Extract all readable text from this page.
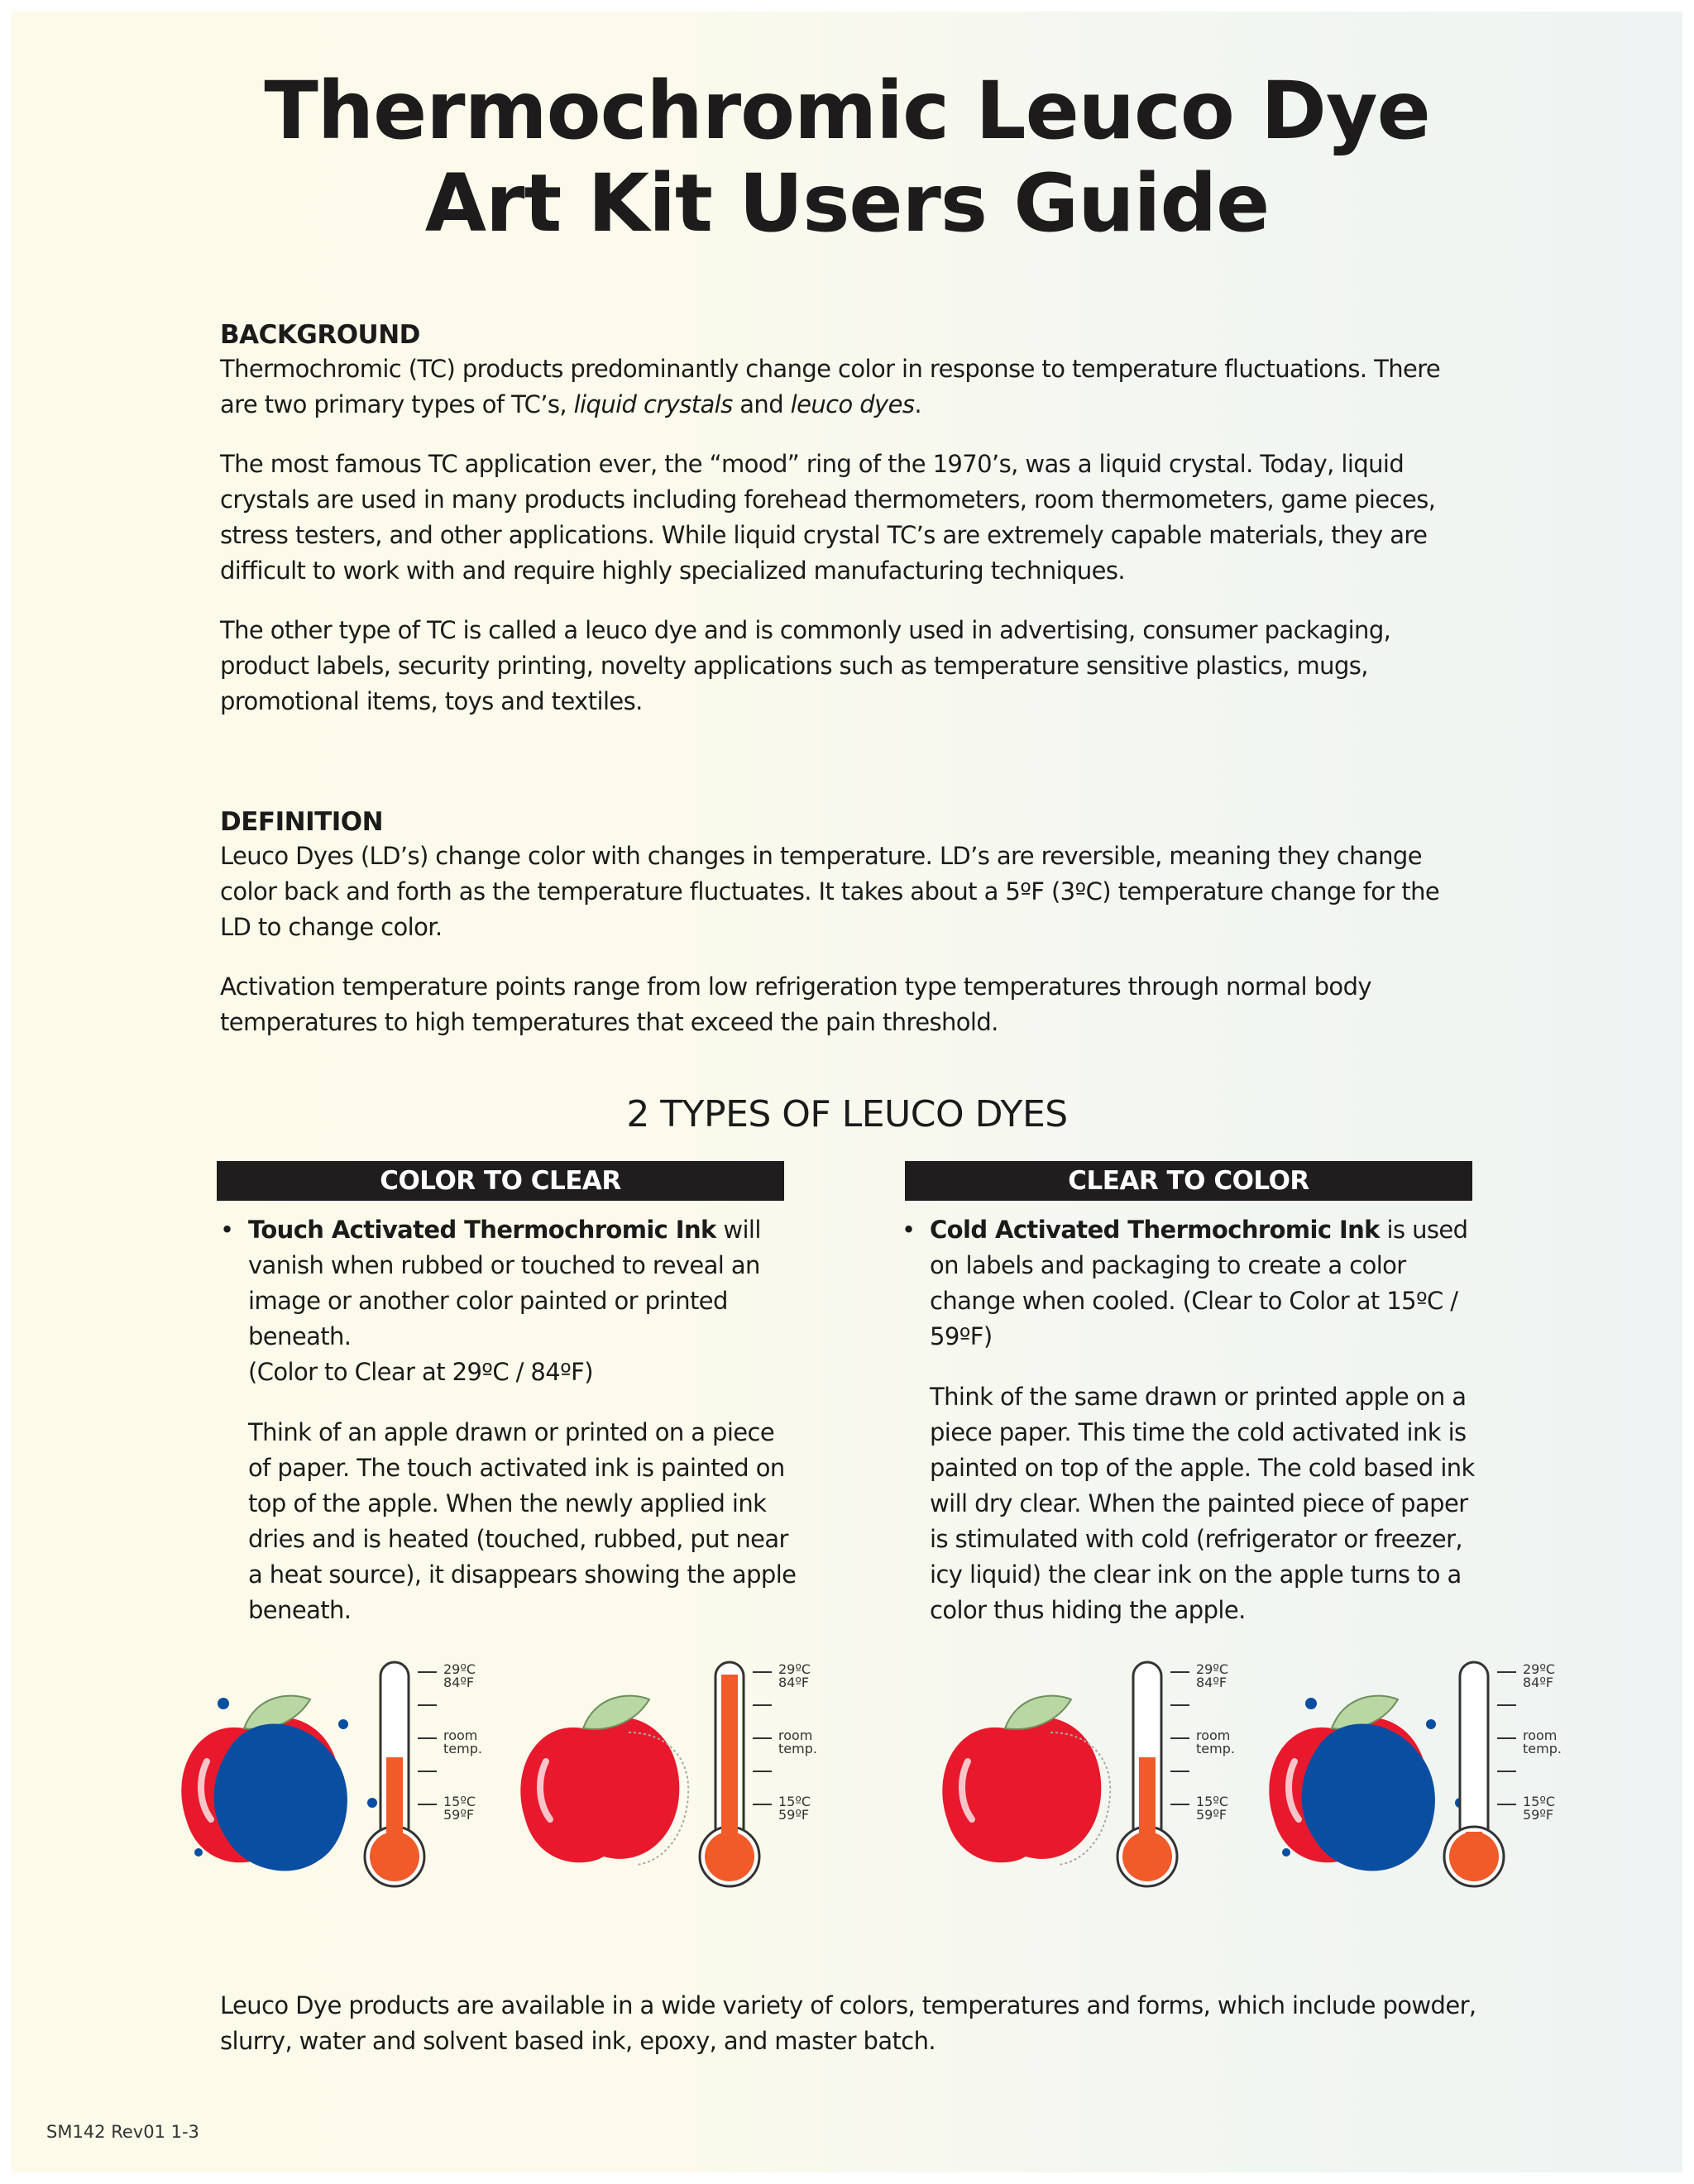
Thermochromic Leuco Dye
Art Kit Users Guide
BACKGROUND

Thermochromic (TC) products predominantly change color in response to temperature fluctuations. There are two primary types of TC’s, liquid crystals and leuco dyes.

The most famous TC application ever, the “mood” ring of the 1970’s, was a liquid crystal. Today, liquid crystals are used in many products including forehead thermometers, room thermometers, game pieces, stress testers, and other applications. While liquid crystal TC’s are extremely capable materials, they are difficult to work with and require highly specialized manufacturing techniques.

The other type of TC is called a leuco dye and is commonly used in advertising, consumer packaging, product labels, security printing, novelty applications such as temperature sensitive plastics, mugs, promotional items, toys and textiles.

DEFINITION

Leuco Dyes (LD’s) change color with changes in temperature. LD’s are reversible, meaning they change color back and forth as the temperature fluctuates. It takes about a 5ºF (3ºC) temperature change for the LD to change color.

Activation temperature points range from low refrigeration type temperatures through normal body temperatures to high temperatures that exceed the pain threshold.

2 TYPES OF LEUCO DYES
COLOR TO CLEAR	CLEAR TO COLOR
• Touch Activated Thermochromic Ink will vanish when rubbed or touched to reveal an image or another color painted or printed beneath.
(Color to Clear at 29ºC / 84ºF)

Think of an apple drawn or printed on a piece of paper. The touch activated ink is painted on top of the apple. When the newly applied ink dries and is heated (touched, rubbed, put near a heat source), it disappears showing the apple beneath.

• Cold Activated Thermochromic Ink is used on labels and packaging to create a color change when cooled. (Clear to Color at 15ºC / 59ºF)

Think of the same drawn or printed apple on a piece paper. This time the cold activated ink is painted on top of the apple. The cold based ink will dry clear. When the painted piece of paper is stimulated with cold (refrigerator or freezer, icy liquid) the clear ink on the apple turns to a color thus hiding the apple.

29ºC
84ºF
room
temp.
15ºC
59ºF
29ºC
84ºF
room
temp.
15ºC
59ºF
29ºC
84ºF
room
temp.
15ºC
59ºF
29ºC
84ºF
room
temp.
15ºC
59ºF

Leuco Dye products are available in a wide variety of colors, temperatures and forms, which include powder, slurry, water and solvent based ink, epoxy, and master batch.

SM142 Rev01 1-3
